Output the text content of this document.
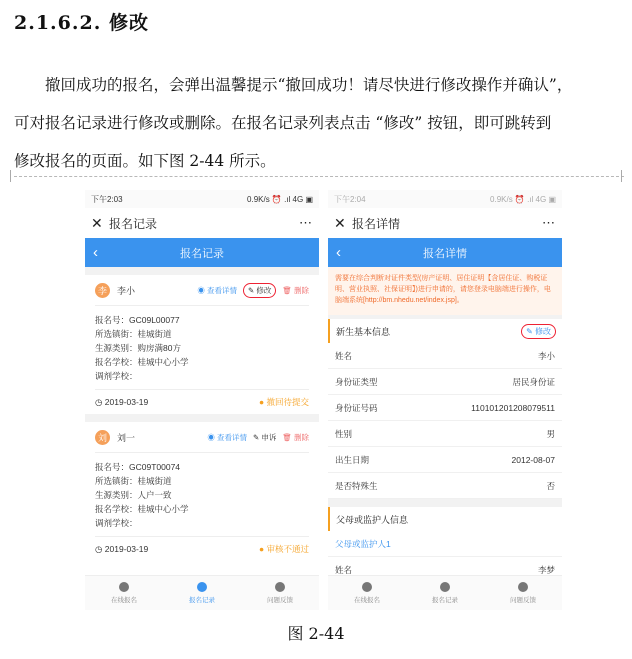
2.1.6.2. 修改
撤回成功的报名，会弹出温馨提示“撤回成功！请尽快进行修改操作并确认”，
可对报名记录进行修改或删除。在报名记录列表点击 “修改” 按钮，即可跳转到
修改报名的页面。如下图 2-44 所示。
下午2:03	0.9K/s ⏰ .ıl 4G ▣
✕ 报名记录	⋯
‹	报名记录
李	李小	◉ 查看详情	✎ 修改	🗑 删除
报名号：GC09L00077
所选镇街：桂城街道
生源类别：购房满80方
报名学校：桂城中心小学
调剂学校：
◷ 2019-03-19	● 撤回待提交
刘	刘一	◉ 查看详情 ✎ 申诉 🗑 删除
报名号：GC09T00074
所选镇街：桂城街道
生源类别：人户一致
报名学校：桂城中心小学
调剂学校：
◷ 2019-03-19	● 审核不通过
在线报名	报名记录	问题反馈
下午2:04	0.9K/s ⏰ .ıl 4G ▣
✕ 报名详情	⋯
‹	报名详情
需要在综合判断对证件类型(房产证明、居住证明【含居住证、购税证明、营业执照、社保证明】)进行申请的，请您登录电脑端进行操作，电脑端系统[http://bm.nhedu.net/index.jsp]。
新生基本信息	✎ 修改
姓名	李小
身份证类型	居民身份证
身份证号码	110101201208079511
性别	男
出生日期	2012-08-07
是否特殊生	否
父母或监护人信息
父母或监护人1
姓名	李梦
在线报名	报名记录	问题反馈
图 2-44
